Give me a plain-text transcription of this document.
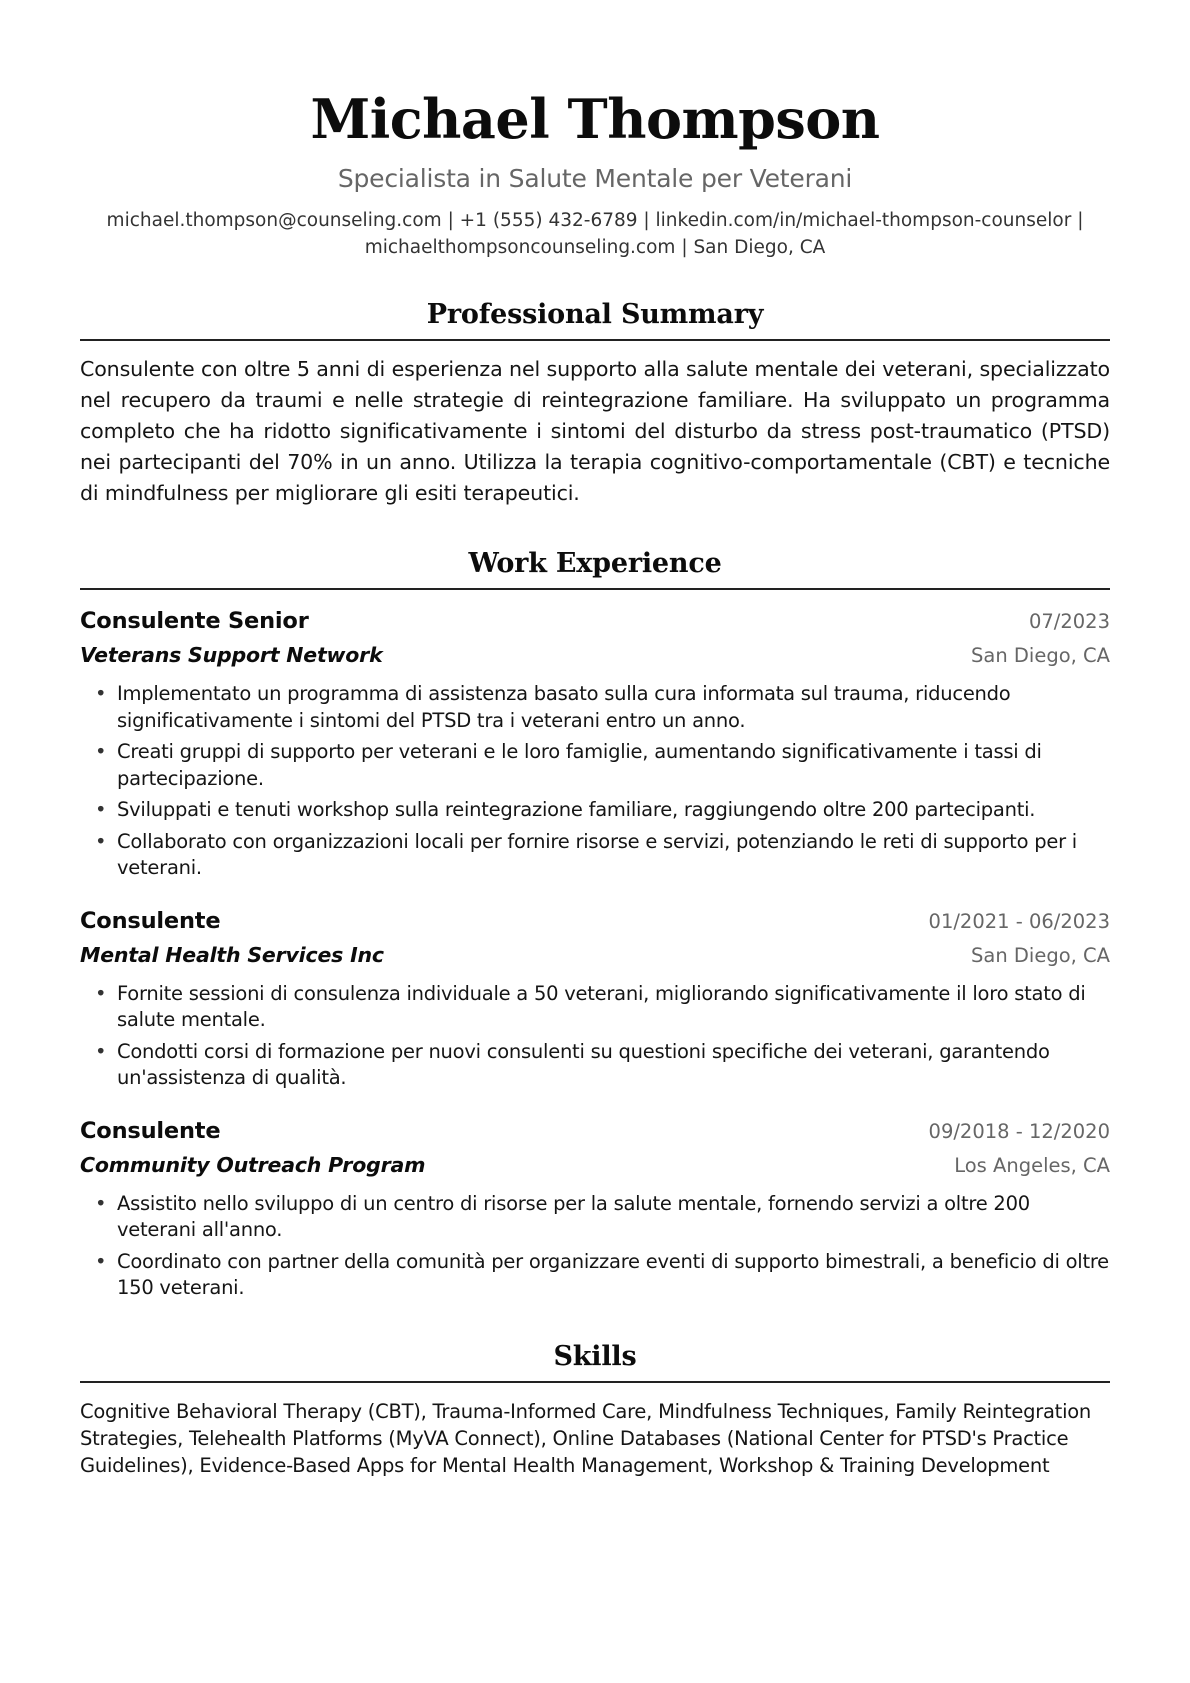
Michael Thompson
Specialista in Salute Mentale per Veterani
michael.thompson@counseling.com | +1 (555) 432-6789 | linkedin.com/in/michael-thompson-counselor |
michaelthompsoncounseling.com | San Diego, CA
Professional Summary

Consulente con oltre 5 anni di esperienza nel supporto alla salute mentale dei veterani, specializzato nel recupero da traumi e nelle strategie di reintegrazione familiare. Ha sviluppato un programma completo che ha ridotto significativamente i sintomi del disturbo da stress post-traumatico (PTSD) nei partecipanti del 70% in un anno. Utilizza la terapia cognitivo-comportamentale (CBT) e tecniche di mindfulness per migliorare gli esiti terapeutici.

Work Experience
Consulente Senior	07/2023
Veterans Support Network	San Diego, CA
• Implementato un programma di assistenza basato sulla cura informata sul trauma, riducendo significativamente i sintomi del PTSD tra i veterani entro un anno.
• Creati gruppi di supporto per veterani e le loro famiglie, aumentando significativamente i tassi di partecipazione.
• Sviluppati e tenuti workshop sulla reintegrazione familiare, raggiungendo oltre 200 partecipanti.
• Collaborato con organizzazioni locali per fornire risorse e servizi, potenziando le reti di supporto per i veterani.
Consulente	01/2021 - 06/2023
Mental Health Services Inc	San Diego, CA
• Fornite sessioni di consulenza individuale a 50 veterani, migliorando significativamente il loro stato di salute mentale.
• Condotti corsi di formazione per nuovi consulenti su questioni specifiche dei veterani, garantendo un'assistenza di qualità.
Consulente	09/2018 - 12/2020
Community Outreach Program	Los Angeles, CA
• Assistito nello sviluppo di un centro di risorse per la salute mentale, fornendo servizi a oltre 200 veterani all'anno.
• Coordinato con partner della comunità per organizzare eventi di supporto bimestrali, a beneficio di oltre 150 veterani.
Skills
Cognitive Behavioral Therapy (CBT), Trauma-Informed Care, Mindfulness Techniques, Family Reintegration Strategies, Telehealth Platforms (MyVA Connect), Online Databases (National Center for PTSD's Practice Guidelines), Evidence-Based Apps for Mental Health Management, Workshop & Training Development
